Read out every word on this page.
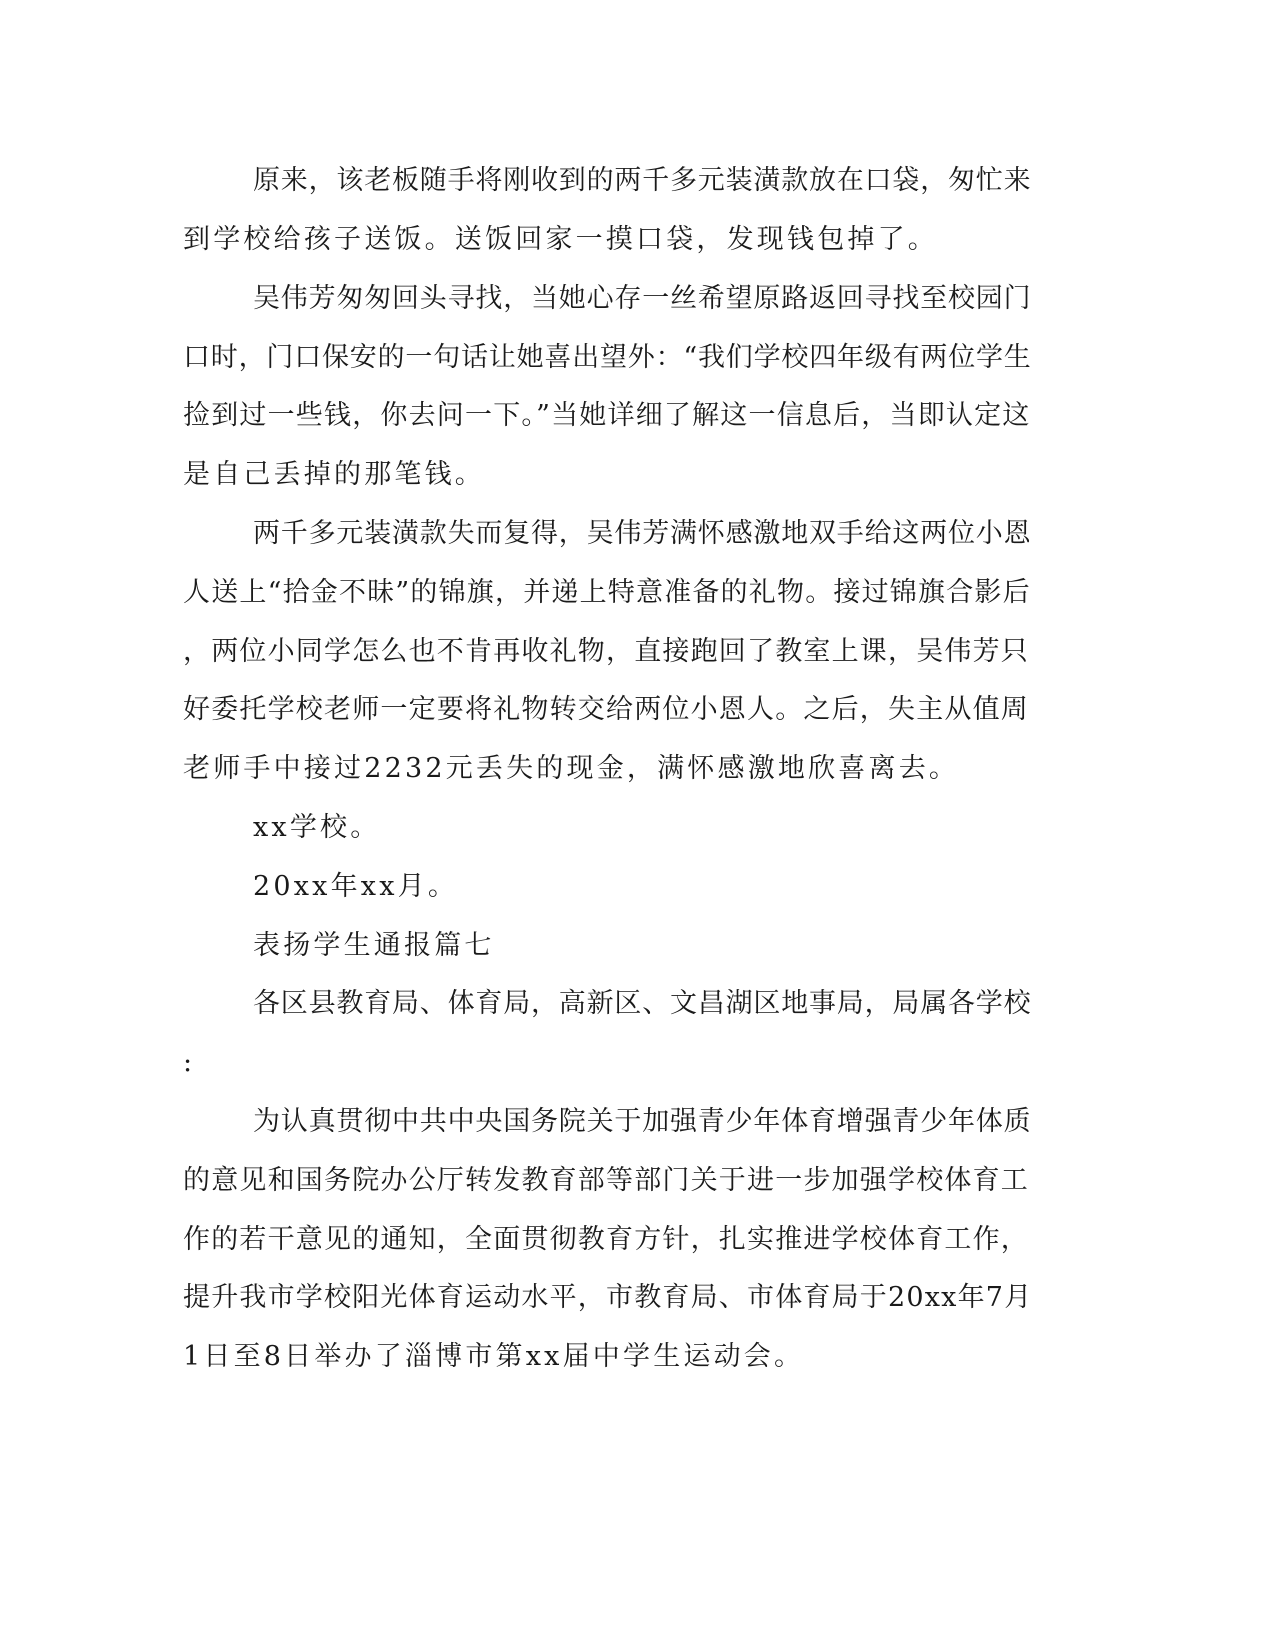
原来，该老板随手将刚收到的两千多元装潢款放在口袋，匆忙来
到学校给孩子送饭。送饭回家一摸口袋，发现钱包掉了。
吴伟芳匆匆回头寻找，当她心存一丝希望原路返回寻找至校园门
口时，门口保安的一句话让她喜出望外：“我们学校四年级有两位学生
捡到过一些钱，你去问一下。”当她详细了解这一信息后，当即认定这
是自己丢掉的那笔钱。
两千多元装潢款失而复得，吴伟芳满怀感激地双手给这两位小恩
人送上“拾金不昧”的锦旗，并递上特意准备的礼物。接过锦旗合影后
，两位小同学怎么也不肯再收礼物，直接跑回了教室上课，吴伟芳只
好委托学校老师一定要将礼物转交给两位小恩人。之后，失主从值周
老师手中接过2232元丢失的现金，满怀感激地欣喜离去。
xx学校。
20xx年xx月。
表扬学生通报篇七
各区县教育局、体育局，高新区、文昌湖区地事局，局属各学校
:
为认真贯彻中共中央国务院关于加强青少年体育增强青少年体质
的意见和国务院办公厅转发教育部等部门关于进一步加强学校体育工
作的若干意见的通知，全面贯彻教育方针，扎实推进学校体育工作，
提升我市学校阳光体育运动水平，市教育局、市体育局于20xx年7月
1日至8日举办了淄博市第xx届中学生运动会。
